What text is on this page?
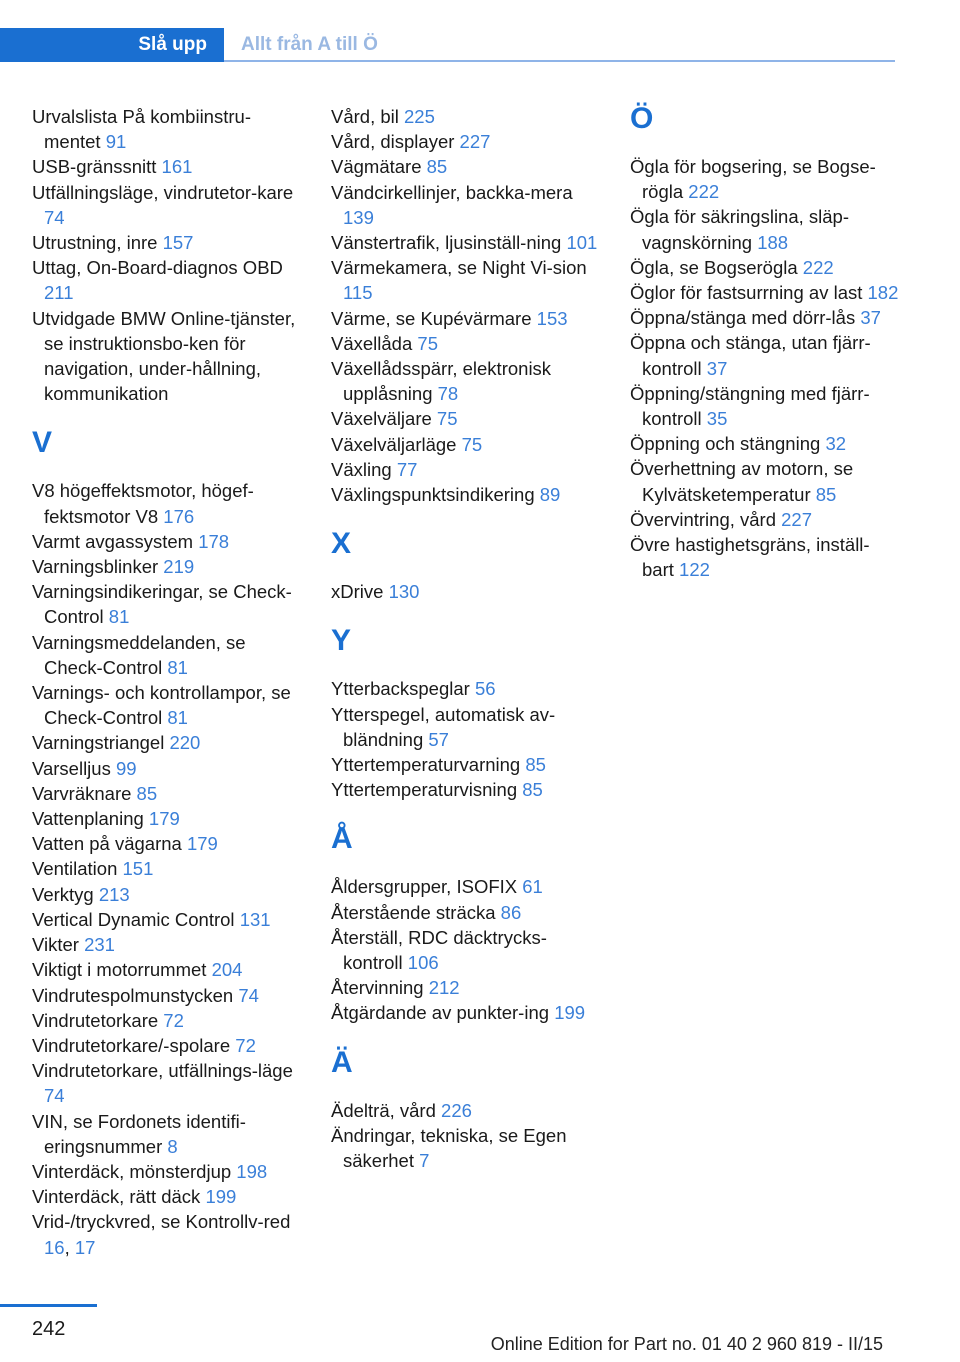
Slå upp	Allt från A till Ö
Urvalslista På kombiinstru-mentet 91
USB-gränssnitt 161
Utfällningsläge, vindrutetor-kare 74
Utrustning, inre 157
Uttag, On-Board-diagnos OBD 211
Utvidgade BMW Online-tjänster, se instruktionsbo-ken för navigation, under-hållning, kommunikation
V
V8 högeffektsmotor, högef-fektsmotor V8 176
Varmt avgassystem 178
Varningsblinker 219
Varningsindikeringar, se Check-Control 81
Varningsmeddelanden, se Check-Control 81
Varnings- och kontrollampor, se Check-Control 81
Varningstriangel 220
Varselljus 99
Varvräknare 85
Vattenplaning 179
Vatten på vägarna 179
Ventilation 151
Verktyg 213
Vertical Dynamic Control 131
Vikter 231
Viktigt i motorrummet 204
Vindrutespolmunstycken 74
Vindrutetorkare 72
Vindrutetorkare/-spolare 72
Vindrutetorkare, utfällnings-läge 74
VIN, se Fordonets identifi-eringsnummer 8
Vinterdäck, mönsterdjup 198
Vinterdäck, rätt däck 199
Vrid-/tryckvred, se Kontrollv-red 16, 17
Vård, bil 225
Vård, displayer 227
Vägmätare 85
Vändcirkellinjer, backka-mera 139
Vänstertrafik, ljusinställ-ning 101
Värmekamera, se Night Vi-sion 115
Värme, se Kupévärmare 153
Växellåda 75
Växellådsspärr, elektronisk upplåsning 78
Växelväljare 75
Växelväljarläge 75
Växling 77
Växlingspunktsindikering 89
X
xDrive 130
Y
Ytterbackspeglar 56
Ytterspegel, automatisk av-bländning 57
Yttertemperaturvarning 85
Yttertemperaturvisning 85
Å
Åldersgrupper, ISOFIX 61
Återstående sträcka 86
Återställ, RDC däcktrycks-kontroll 106
Återvinning 212
Åtgärdande av punkter-ing 199
Ä
Ädelträ, vård 226
Ändringar, tekniska, se Egen säkerhet 7
Ö
Ögla för bogsering, se Bogse-rögla 222
Ögla för säkringslina, släp-vagnskörning 188
Ögla, se Bogserögla 222
Öglor för fastsurrning av last 182
Öppna/stänga med dörr-lås 37
Öppna och stänga, utan fjärr-kontroll 37
Öppning/stängning med fjärr-kontroll 35
Öppning och stängning 32
Överhettning av motorn, se Kylvätsketemperatur 85
Övervintring, vård 227
Övre hastighetsgräns, inställ-bart 122
242
Online Edition for Part no. 01 40 2 960 819 - II/15
